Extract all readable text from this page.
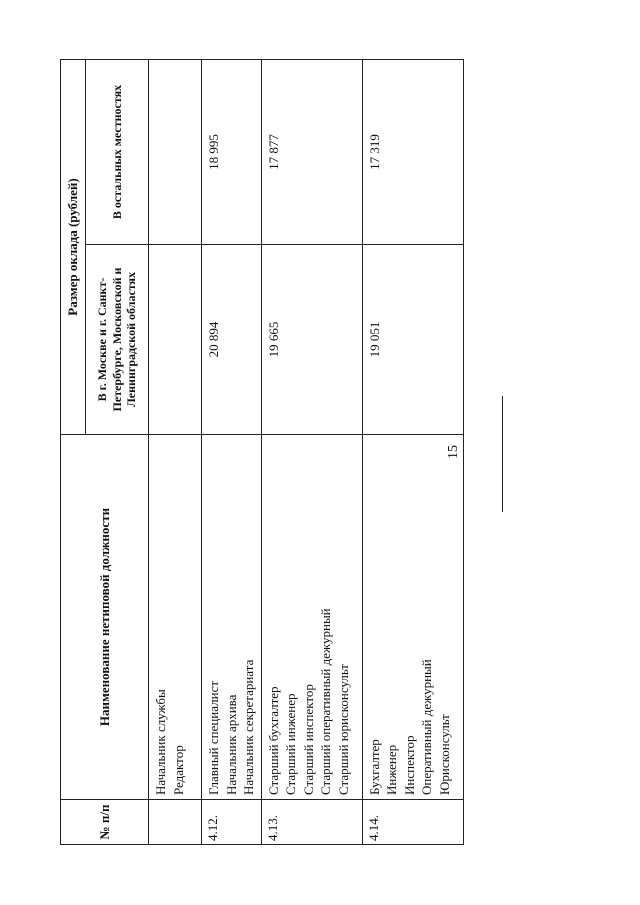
15
№ п/п	Наименование нетиповой должности	Размер оклада (рублей)	
		В г. Москве и г. Санкт-Петербурге, Московской и Ленинградской областях	В остальных местностях

	Начальник службы Редактор		

4.12.	Главный специалист Начальник архива Начальник секретариата	20 894	18 995
4.13.	Старший бухгалтер Старший инженер Старший инспектор Старший оперативный дежурный Старший юрисконсульт	19 665	17 877
4.14.	Бухгалтер Инженер Инспектор Оперативный дежурный Юрисконсульт	19 051	17 319
